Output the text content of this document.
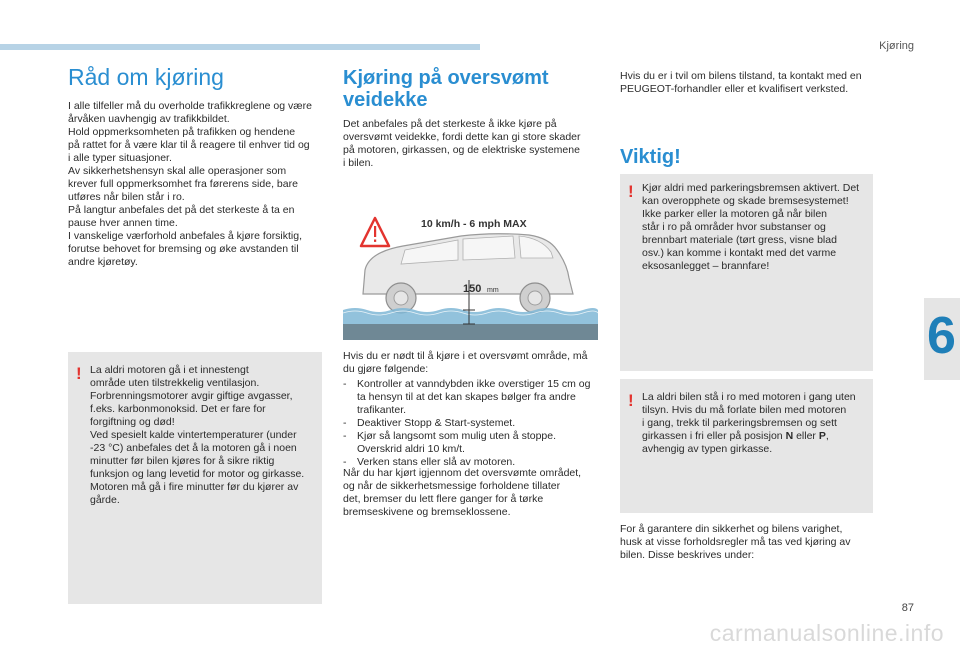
Kjøring
6
Råd om kjøring

I alle tilfeller må du overholde trafikkreglene og være
årvåken uavhengig av trafikkbildet.
Hold oppmerksomheten på trafikken og hendene
på rattet for å være klar til å reagere til enhver tid og
i alle typer situasjoner.
Av sikkerhetshensyn skal alle operasjoner som
krever full oppmerksomhet fra førerens side, bare
utføres når bilen står i ro.
På langtur anbefales det på det sterkeste å ta en
pause hver annen time.
I vanskelige værforhold anbefales å kjøre forsiktig,
forutse behovet for bremsing og øke avstanden til
andre kjøretøy.

! La aldri motoren gå i et innestengt
område uten tilstrekkelig ventilasjon.
Forbrenningsmotorer avgir giftige avgasser,
f.eks. karbonmonoksid. Det er fare for
forgiftning og død!
Ved spesielt kalde vintertemperaturer (under
-23 °C) anbefales det å la motoren gå i noen
minutter før bilen kjøres for å sikre riktig
funksjon og lang levetid for motor og girkasse.
Motoren må gå i fire minutter før du kjører av
gårde.
Kjøring på oversvømt veidekke

Det anbefales på det sterkeste å ikke kjøre på
oversvømt veidekke, fordi dette kan gi store skader
på motoren, girkassen, og de elektriske systemene
i bilen.

10 km/h - 6 mph MAX
150 mm

Hvis du er nødt til å kjøre i et oversvømt område, må
du gjøre følgende:

- Kontroller at vanndybden ikke overstiger 15 cm og ta hensyn til at det kan skapes bølger fra andre trafikanter.
- Deaktiver Stopp & Start-systemet.
- Kjør så langsomt som mulig uten å stoppe. Overskrid aldri 10 km/t.
- Verken stans eller slå av motoren.

Når du har kjørt igjennom det oversvømte området,
og når de sikkerhetsmessige forholdene tillater
det, bremser du lett flere ganger for å tørke
bremseskivene og bremseklossene.

Hvis du er i tvil om bilens tilstand, ta kontakt med en
PEUGEOT-forhandler eller et kvalifisert verksted.

Viktig!
! Kjør aldri med parkeringsbremsen aktivert. Det
kan overopphete og skade bremsesystemet!
Ikke parker eller la motoren gå når bilen
står i ro på områder hvor substanser og
brennbart materiale (tørt gress, visne blad
osv.) kan komme i kontakt med det varme
eksosanlegget – brannfare!
! La aldri bilen stå i ro med motoren i gang uten
tilsyn. Hvis du må forlate bilen med motoren
i gang, trekk til parkeringsbremsen og sett
girkassen i fri eller på posisjon N eller P,
avhengig av typen girkasse.

For å garantere din sikkerhet og bilens varighet,
husk at visse forholdsregler må tas ved kjøring av
bilen. Disse beskrives under:

87
carmanualsonline.info
